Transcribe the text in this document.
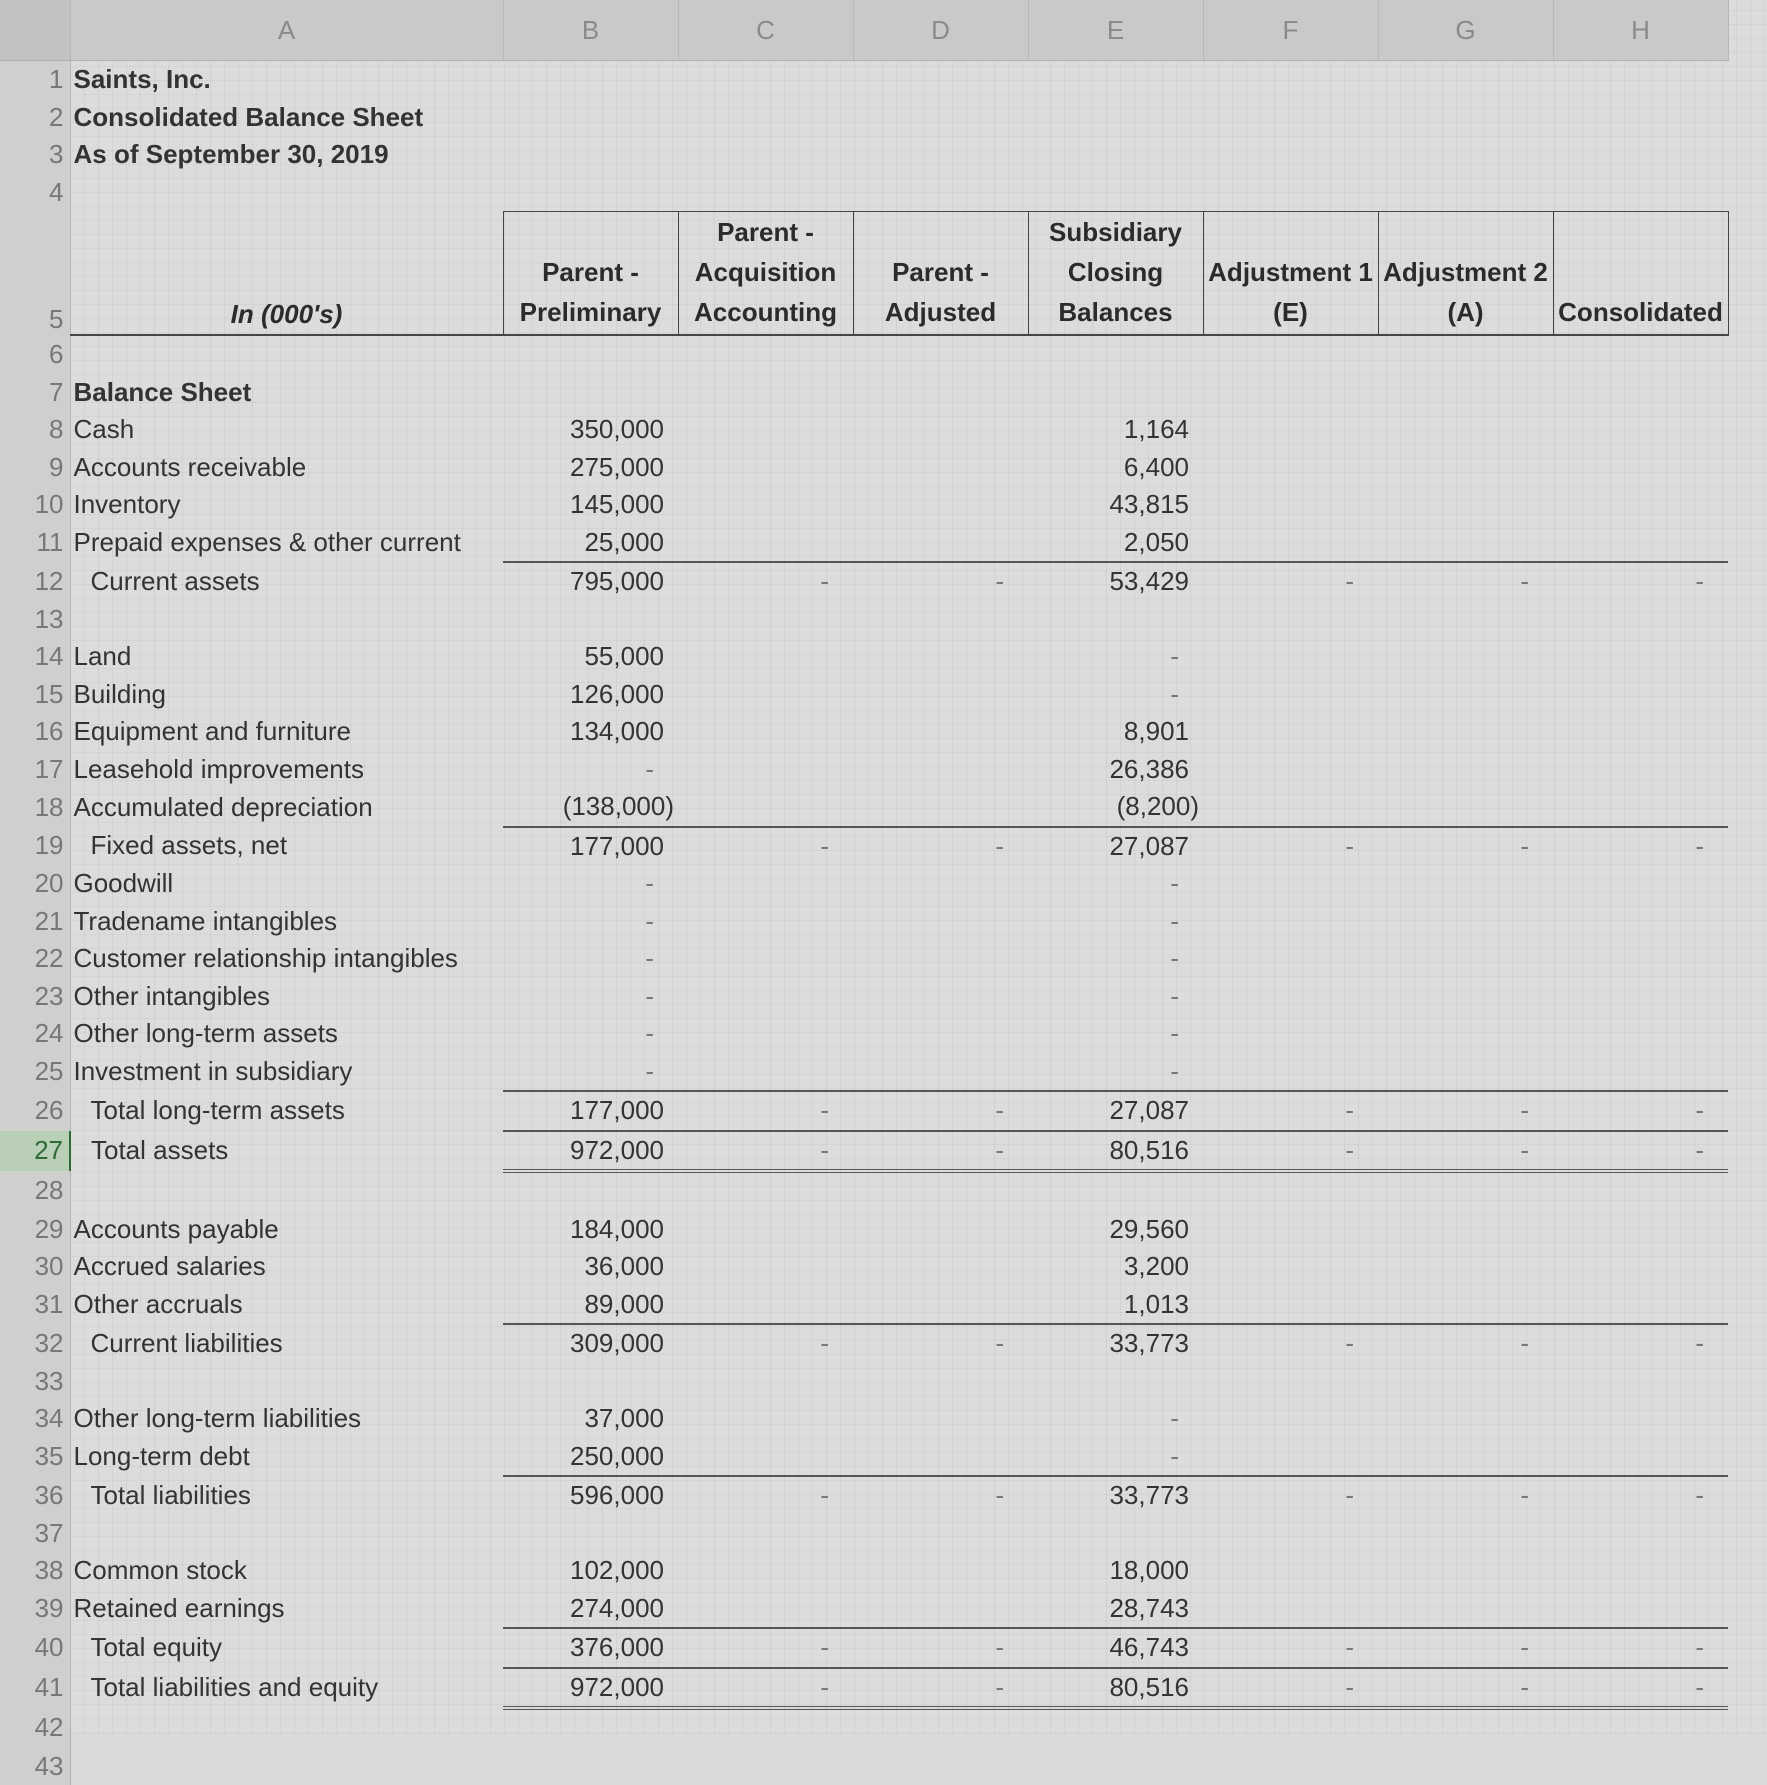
	A	B	C	D	E	F	G	H
1	Saints, Inc.							
2	Consolidated Balance Sheet							
3	As of September 30, 2019							
4								
5	In (000's)	Parent - Preliminary	Parent - Acquisition Accounting	Parent - Adjusted	Subsidiary Closing Balances	Adjustment 1 (E)	Adjustment 2 (A)	Consolidated
6								
7	Balance Sheet							
8	Cash	350,000			1,164			
9	Accounts receivable	275,000			6,400			
10	Inventory	145,000			43,815			
11	Prepaid expenses & other current	25,000			2,050			
12	Current assets	795,000	-	-	53,429	-	-	-
13								
14	Land	55,000			-			
15	Building	126,000			-			
16	Equipment and furniture	134,000			8,901			
17	Leasehold improvements	-			26,386			
18	Accumulated depreciation	(138,000)			(8,200)			
19	Fixed assets, net	177,000	-	-	27,087	-	-	-
20	Goodwill	-			-			
21	Tradename intangibles	-			-			
22	Customer relationship intangibles	-			-			
23	Other intangibles	-			-			
24	Other long-term assets	-			-			
25	Investment in subsidiary	-			-			
26	Total long-term assets	177,000	-	-	27,087	-	-	-
27	Total assets	972,000	-	-	80,516	-	-	-
28								
29	Accounts payable	184,000			29,560			
30	Accrued salaries	36,000			3,200			
31	Other accruals	89,000			1,013			
32	Current liabilities	309,000	-	-	33,773	-	-	-
33								
34	Other long-term liabilities	37,000			-			
35	Long-term debt	250,000			-			
36	Total liabilities	596,000	-	-	33,773	-	-	-
37								
38	Common stock	102,000			18,000			
39	Retained earnings	274,000			28,743			
40	Total equity	376,000	-	-	46,743	-	-	-
41	Total liabilities and equity	972,000	-	-	80,516	-	-	-
42								
43								
